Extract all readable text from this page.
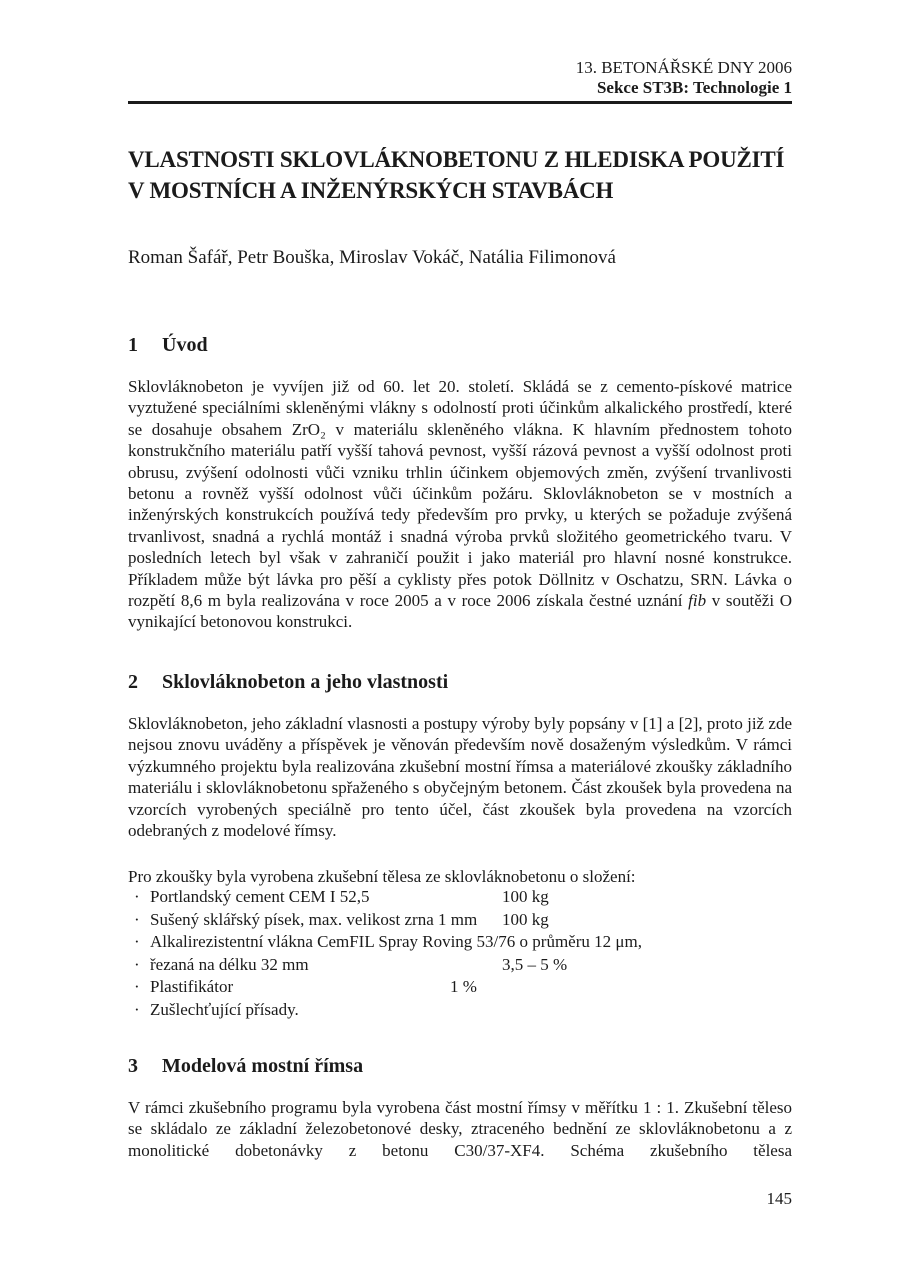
13. BETONÁŘSKÉ DNY 2006
Sekce ST3B: Technologie 1
VLASTNOSTI SKLOVLÁKNOBETONU Z HLEDISKA POUŽITÍ V MOSTNÍCH A INŽENÝRSKÝCH STAVBÁCH
Roman Šafář, Petr Bouška, Miroslav Vokáč, Natália Filimonová
1 Úvod

Sklovláknobeton je vyvíjen již od 60. let 20. století. Skládá se z cemento-pískové matrice vyztužené speciálními skleněnými vlákny s odolností proti účinkům alkalického prostředí, které se dosahuje obsahem ZrO₂ v materiálu skleněného vlákna. K hlavním přednostem tohoto konstrukčního materiálu patří vyšší tahová pevnost, vyšší rázová pevnost a vyšší odolnost proti obrusu, zvýšení odolnosti vůči vzniku trhlin účinkem objemových změn, zvýšení trvanlivosti betonu a rovněž vyšší odolnost vůči účinkům požáru. Sklovláknobeton se v mostních a inženýrských konstrukcích používá tedy především pro prvky, u kterých se požaduje zvýšená trvanlivost, snadná a rychlá montáž i snadná výroba prvků složitého geometrického tvaru. V posledních letech byl však v zahraničí použit i jako materiál pro hlavní nosné konstrukce. Příkladem může být lávka pro pěší a cyklisty přes potok Döllnitz v Oschatzu, SRN. Lávka o rozpětí 8,6 m byla realizována v roce 2005 a v roce 2006 získala čestné uznání fib v soutěži O vynikající betonovou konstrukci.

2 Sklovláknobeton a jeho vlastnosti

Sklovláknobeton, jeho základní vlasnosti a postupy výroby byly popsány v [1] a [2], proto již zde nejsou znovu uváděny a příspěvek je věnován především nově dosaženým výsledkům. V rámci výzkumného projektu byla realizována zkušební mostní římsa a materiálové zkoušky základního materiálu i sklovláknobetonu spřaženého s obyčejným betonem. Část zkoušek byla provedena na vzorcích vyrobených speciálně pro tento účel, část zkoušek byla provedena na vzorcích odebraných z modelové římsy.

Pro zkoušky byla vyrobena zkušební tělesa ze sklovláknobetonu o složení:

· Portlandský cement CEM I 52,5	100 kg
· Sušený sklářský písek, max. velikost zrna 1 mm 100 kg
· Alkalirezistentní vlákna CemFIL Spray Roving 53/76 o průměru 12 μm,
· řezaná na délku 32 mm	3,5 – 5 %
· Plastifikátor	1 %
· Zušlechťující přísady.
3 Modelová mostní římsa

V rámci zkušebního programu byla vyrobena část mostní římsy v měřítku 1 : 1. Zkušební těleso se skládalo ze základní železobetonové desky, ztraceného bednění ze sklovláknobetonu a z monolitické dobetonávky z betonu C30/37-XF4. Schéma zkušebního tělesa

145
